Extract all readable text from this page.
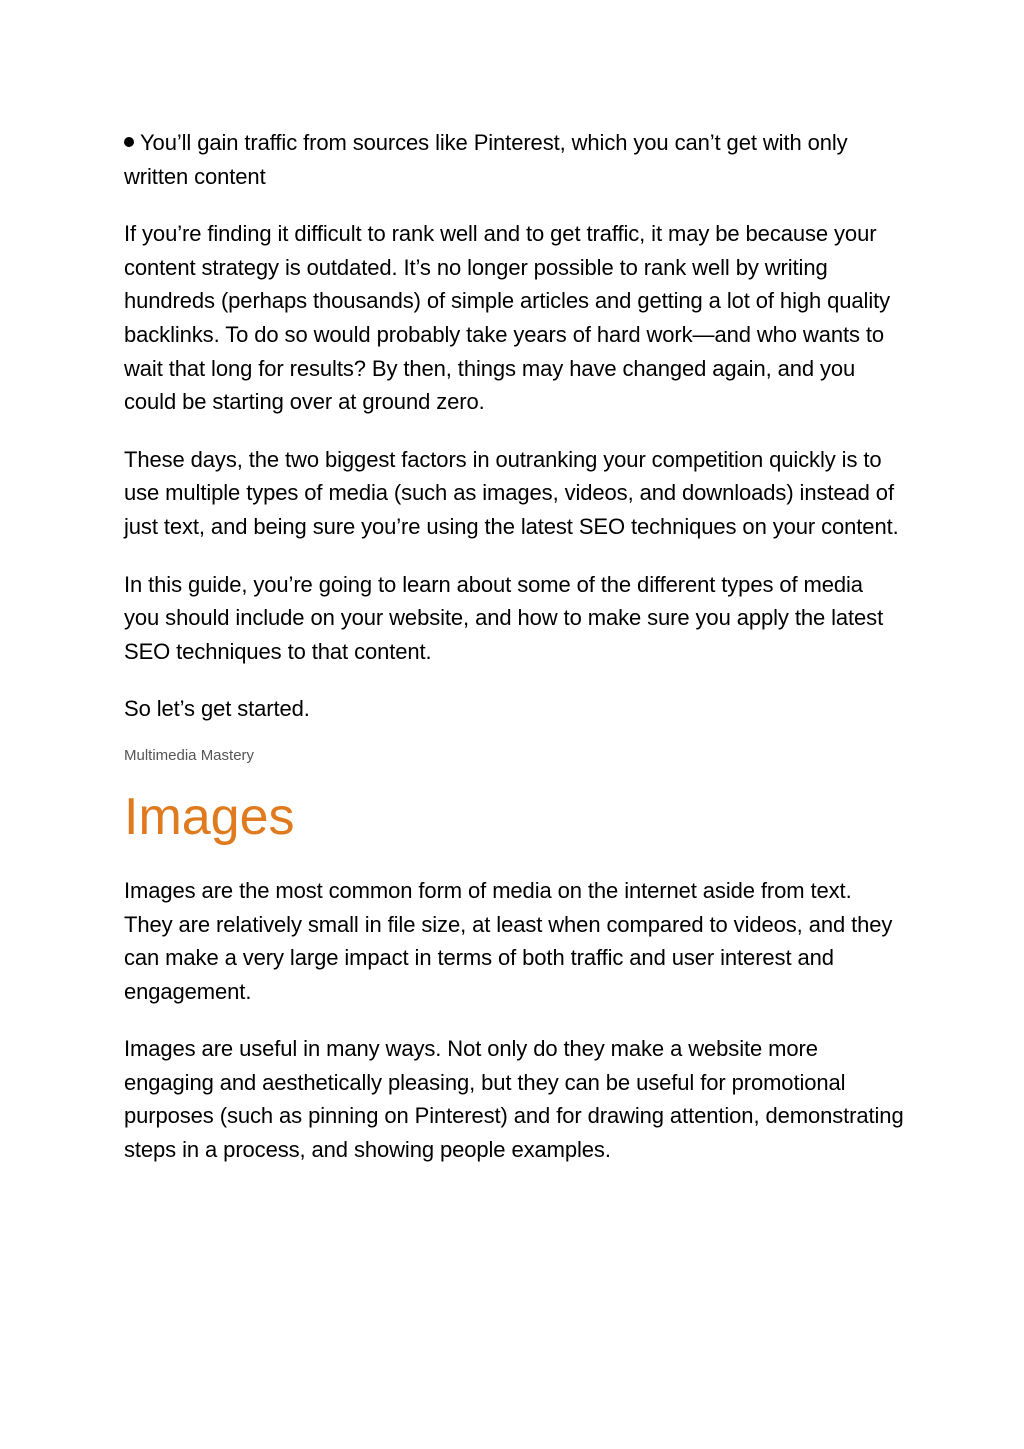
You’ll gain traffic from sources like Pinterest, which you can’t get with only written content

If you’re finding it difficult to rank well and to get traffic, it may be because your content strategy is outdated. It’s no longer possible to rank well by writing hundreds (perhaps thousands) of simple articles and getting a lot of high quality backlinks. To do so would probably take years of hard work—and who wants to wait that long for results? By then, things may have changed again, and you could be starting over at ground zero.

These days, the two biggest factors in outranking your competition quickly is to use multiple types of media (such as images, videos, and downloads) instead of just text, and being sure you’re using the latest SEO techniques on your content.

In this guide, you’re going to learn about some of the different types of media you should include on your website, and how to make sure you apply the latest SEO techniques to that content.

So let’s get started.

Multimedia Mastery
Images

Images are the most common form of media on the internet aside from text. They are relatively small in file size, at least when compared to videos, and they can make a very large impact in terms of both traffic and user interest and engagement.

Images are useful in many ways. Not only do they make a website more engaging and aesthetically pleasing, but they can be useful for promotional purposes (such as pinning on Pinterest) and for drawing attention, demonstrating steps in a process, and showing people examples.
